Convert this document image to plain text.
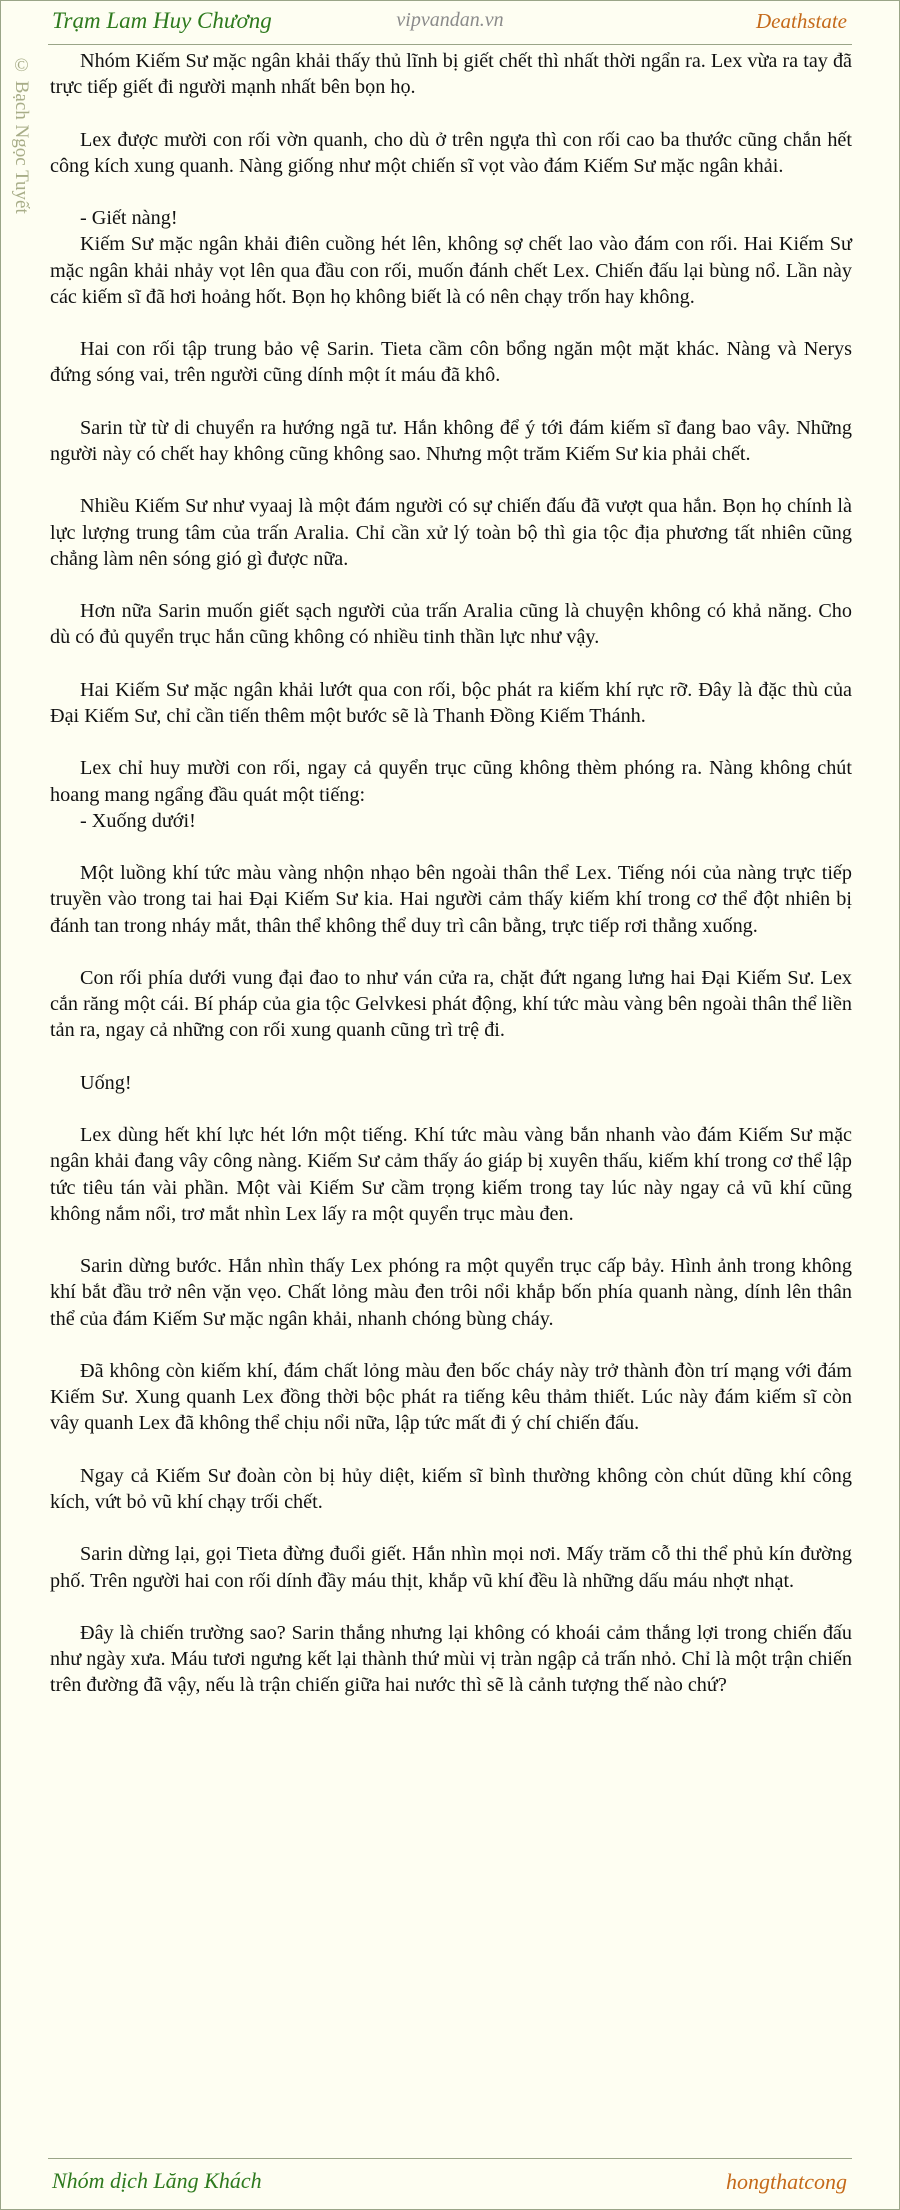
Trạm Lam Huy Chương	vipvandan.vn	Deathstate
© Bạch Ngọc Tuyết	Nhóm Kiếm Sư mặc ngân khải thấy thủ lĩnh bị giết chết thì nhất thời ngẩn ra. Lex vừa ra tay đã trực tiếp giết đi người mạnh nhất bên bọn họ.

Lex được mười con rối vờn quanh, cho dù ở trên ngựa thì con rối cao ba thước cũng chắn hết công kích xung quanh. Nàng giống như một chiến sĩ vọt vào đám Kiếm Sư mặc ngân khải.

- Giết nàng!

Kiếm Sư mặc ngân khải điên cuồng hét lên, không sợ chết lao vào đám con rối. Hai Kiếm Sư mặc ngân khải nhảy vọt lên qua đầu con rối, muốn đánh chết Lex. Chiến đấu lại bùng nổ. Lần này các kiếm sĩ đã hơi hoảng hốt. Bọn họ không biết là có nên chạy trốn hay không.

Hai con rối tập trung bảo vệ Sarin. Tieta cầm côn bổng ngăn một mặt khác. Nàng và Nerys đứng sóng vai, trên người cũng dính một ít máu đã khô.

Sarin từ từ di chuyển ra hướng ngã tư. Hắn không để ý tới đám kiếm sĩ đang bao vây. Những người này có chết hay không cũng không sao. Nhưng một trăm Kiếm Sư kia phải chết.

Nhiều Kiếm Sư như vyaaj là một đám người có sự chiến đấu đã vượt qua hắn. Bọn họ chính là lực lượng trung tâm của trấn Aralia. Chỉ cần xử lý toàn bộ thì gia tộc địa phương tất nhiên cũng chẳng làm nên sóng gió gì được nữa.

Hơn nữa Sarin muốn giết sạch người của trấn Aralia cũng là chuyện không có khả năng. Cho dù có đủ quyển trục hắn cũng không có nhiều tinh thần lực như vậy.

Hai Kiếm Sư mặc ngân khải lướt qua con rối, bộc phát ra kiếm khí rực rỡ. Đây là đặc thù của Đại Kiếm Sư, chỉ cần tiến thêm một bước sẽ là Thanh Đồng Kiếm Thánh.

Lex chỉ huy mười con rối, ngay cả quyển trục cũng không thèm phóng ra. Nàng không chút hoang mang ngẩng đầu quát một tiếng:

- Xuống dưới!

Một luồng khí tức màu vàng nhộn nhạo bên ngoài thân thể Lex. Tiếng nói của nàng trực tiếp truyền vào trong tai hai Đại Kiếm Sư kia. Hai người cảm thấy kiếm khí trong cơ thể đột nhiên bị đánh tan trong nháy mắt, thân thể không thể duy trì cân bằng, trực tiếp rơi thẳng xuống.

Con rối phía dưới vung đại đao to như ván cửa ra, chặt đứt ngang lưng hai Đại Kiếm Sư. Lex cắn răng một cái. Bí pháp của gia tộc Gelvkesi phát động, khí tức màu vàng bên ngoài thân thể liền tản ra, ngay cả những con rối xung quanh cũng trì trệ đi.

Uống!

Lex dùng hết khí lực hét lớn một tiếng. Khí tức màu vàng bắn nhanh vào đám Kiếm Sư mặc ngân khải đang vây công nàng. Kiếm Sư cảm thấy áo giáp bị xuyên thấu, kiếm khí trong cơ thể lập tức tiêu tán vài phần. Một vài Kiếm Sư cầm trọng kiếm trong tay lúc này ngay cả vũ khí cũng không nắm nổi, trơ mắt nhìn Lex lấy ra một quyển trục màu đen.

Sarin dừng bước. Hắn nhìn thấy Lex phóng ra một quyển trục cấp bảy. Hình ảnh trong không khí bắt đầu trở nên vặn vẹo. Chất lỏng màu đen trôi nổi khắp bốn phía quanh nàng, dính lên thân thể của đám Kiếm Sư mặc ngân khải, nhanh chóng bùng cháy.

Đã không còn kiếm khí, đám chất lỏng màu đen bốc cháy này trở thành đòn trí mạng với đám Kiếm Sư. Xung quanh Lex đồng thời bộc phát ra tiếng kêu thảm thiết. Lúc này đám kiếm sĩ còn vây quanh Lex đã không thể chịu nổi nữa, lập tức mất đi ý chí chiến đấu.

Ngay cả Kiếm Sư đoàn còn bị hủy diệt, kiếm sĩ bình thường không còn chút dũng khí công kích, vứt bỏ vũ khí chạy trối chết.

Sarin dừng lại, gọi Tieta đừng đuổi giết. Hắn nhìn mọi nơi. Mấy trăm cỗ thi thể phủ kín đường phố. Trên người hai con rối dính đầy máu thịt, khắp vũ khí đều là những dấu máu nhợt nhạt.

Đây là chiến trường sao? Sarin thắng nhưng lại không có khoái cảm thắng lợi trong chiến đấu như ngày xưa. Máu tươi ngưng kết lại thành thứ mùi vị tràn ngập cả trấn nhỏ. Chỉ là một trận chiến trên đường đã vậy, nếu là trận chiến giữa hai nước thì sẽ là cảnh tượng thế nào chứ?

Nhóm dịch Lăng Khách	hongthatcong
